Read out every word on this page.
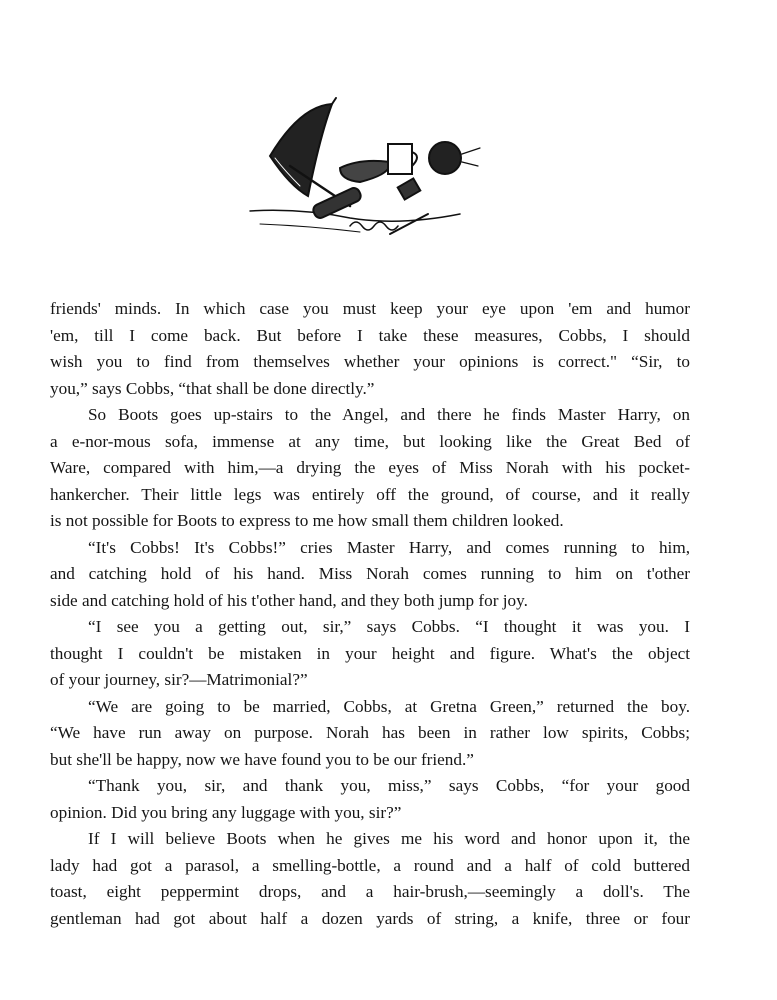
friends' minds. In which case you must keep your eye upon 'em and humor
'em, till I come back. But before I take these measures, Cobbs, I should
wish you to find from themselves whether your opinions is correct." “Sir, to
you,” says Cobbs, “that shall be done directly.”
So Boots goes up-stairs to the Angel, and there he finds Master Harry, on
a e-nor-mous sofa, immense at any time, but looking like the Great Bed of
Ware, compared with him,—a drying the eyes of Miss Norah with his pocket-
hankercher. Their little legs was entirely off the ground, of course, and it really
is not possible for Boots to express to me how small them children looked.
“It's Cobbs! It's Cobbs!” cries Master Harry, and comes running to him,
and catching hold of his hand. Miss Norah comes running to him on t'other
side and catching hold of his t'other hand, and they both jump for joy.
“I see you a getting out, sir,” says Cobbs. “I thought it was you. I
thought I couldn't be mistaken in your height and figure. What's the object
of your journey, sir?—Matrimonial?”
“We are going to be married, Cobbs, at Gretna Green,” returned the boy.
“We have run away on purpose. Norah has been in rather low spirits, Cobbs;
but she'll be happy, now we have found you to be our friend.”
“Thank you, sir, and thank you, miss,” says Cobbs, “for your good
opinion. Did you bring any luggage with you, sir?”
If I will believe Boots when he gives me his word and honor upon it, the
lady had got a parasol, a smelling-bottle, a round and a half of cold buttered
toast, eight peppermint drops, and a hair-brush,—seemingly a doll's. The
gentleman had got about half a dozen yards of string, a knife, three or four
